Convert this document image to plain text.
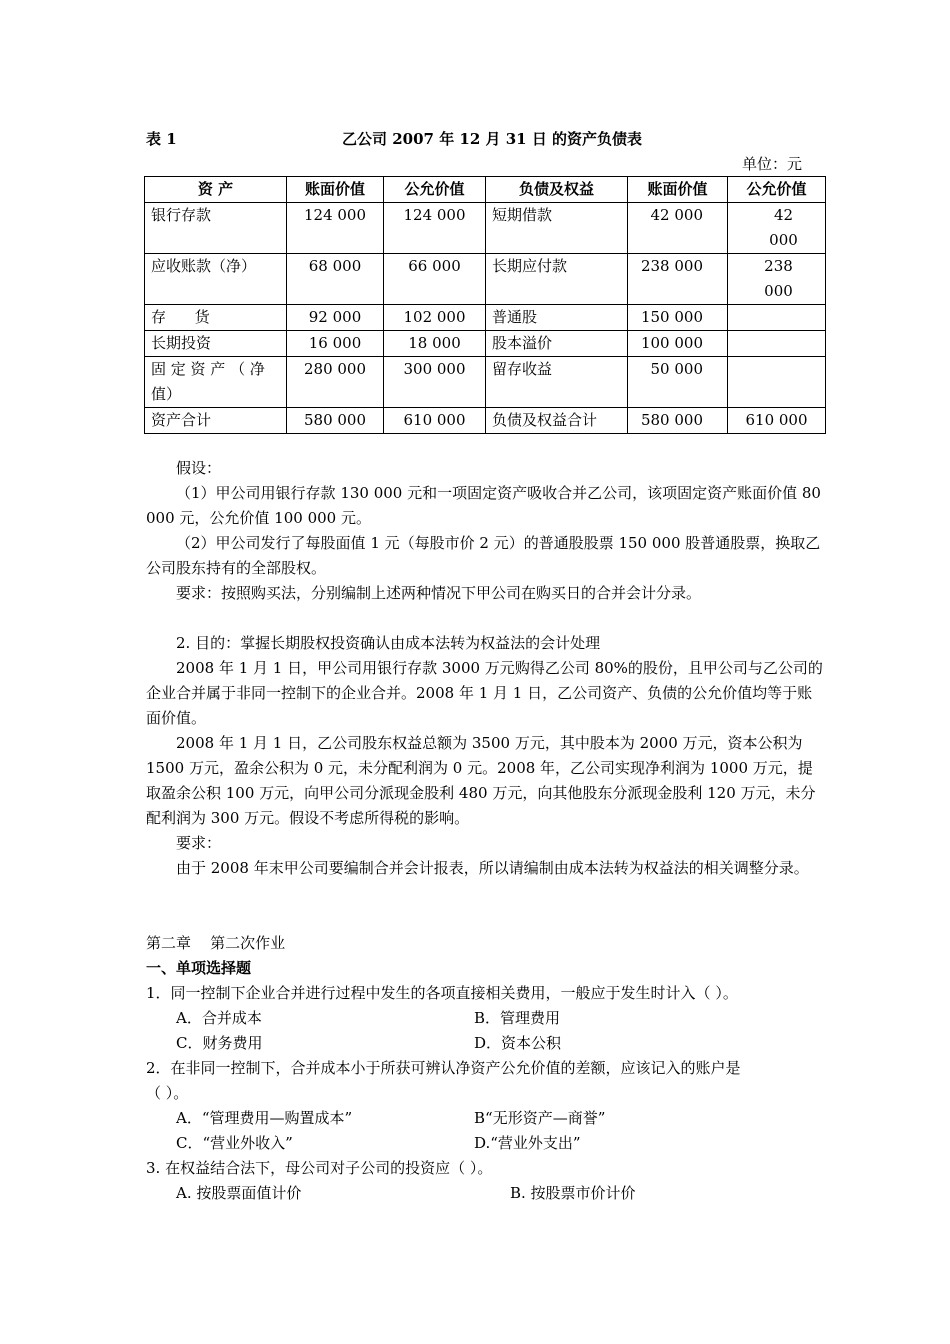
表 1	乙公司 2007 年 12 月 31 日 的资产负债表
单位：元
资 产	账面价值	公允价值	负债及权益	账面价值	公允价值
银行存款	124 000	124 000	短期借款	42 000	42 000
应收账款（净）	68 000	66 000	长期应付款	238 000	238 000
存      货	92 000	102 000	普通股	150 000	
长期投资	16 000	18 000	股本溢价	100 000	
固 定 资 产 （ 净 值）	280 000	300 000	留存收益	50 000	
资产合计	580 000	610 000	负债及权益合计	580 000	610 000
假设：
（1）甲公司用银行存款 130 000 元和一项固定资产吸收合并乙公司，该项固定资产账面价值 80 000 元，公允价值 100 000 元。
（2）甲公司发行了每股面值 1 元（每股市价 2 元）的普通股股票 150 000 股普通股票，换取乙公司股东持有的全部股权。
要求：按照购买法，分别编制上述两种情况下甲公司在购买日的合并会计分录。
2. 目的：掌握长期股权投资确认由成本法转为权益法的会计处理
2008 年 1 月 1 日，甲公司用银行存款 3000 万元购得乙公司 80%的股份，且甲公司与乙公司的企业合并属于非同一控制下的企业合并。2008 年 1 月 1 日，乙公司资产、负债的公允价值均等于账面价值。
2008 年 1 月 1 日，乙公司股东权益总额为 3500 万元，其中股本为 2000 万元，资本公积为 1500 万元，盈余公积为 0 元，未分配利润为 0 元。2008 年，乙公司实现净利润为 1000 万元，提取盈余公积 100 万元，向甲公司分派现金股利 480 万元，向其他股东分派现金股利 120 万元，未分配利润为 300 万元。假设不考虑所得税的影响。
要求：
由于 2008 年末甲公司要编制合并会计报表，所以请编制由成本法转为权益法的相关调整分录。
第二章    第二次作业
一、单项选择题
1．同一控制下企业合并进行过程中发生的各项直接相关费用，一般应于发生时计入（ ）。
A．合并成本	B．管理费用
C．财务费用	D．资本公积
2．在非同一控制下，合并成本小于所获可辨认净资产公允价值的差额，应该记入的账户是
（ ）。
A．“管理费用—购置成本”	B“无形资产—商誉”
C．“营业外收入”	D.“营业外支出”
3. 在权益结合法下，母公司对子公司的投资应（ ）。
A. 按股票面值计价	B. 按股票市价计价
